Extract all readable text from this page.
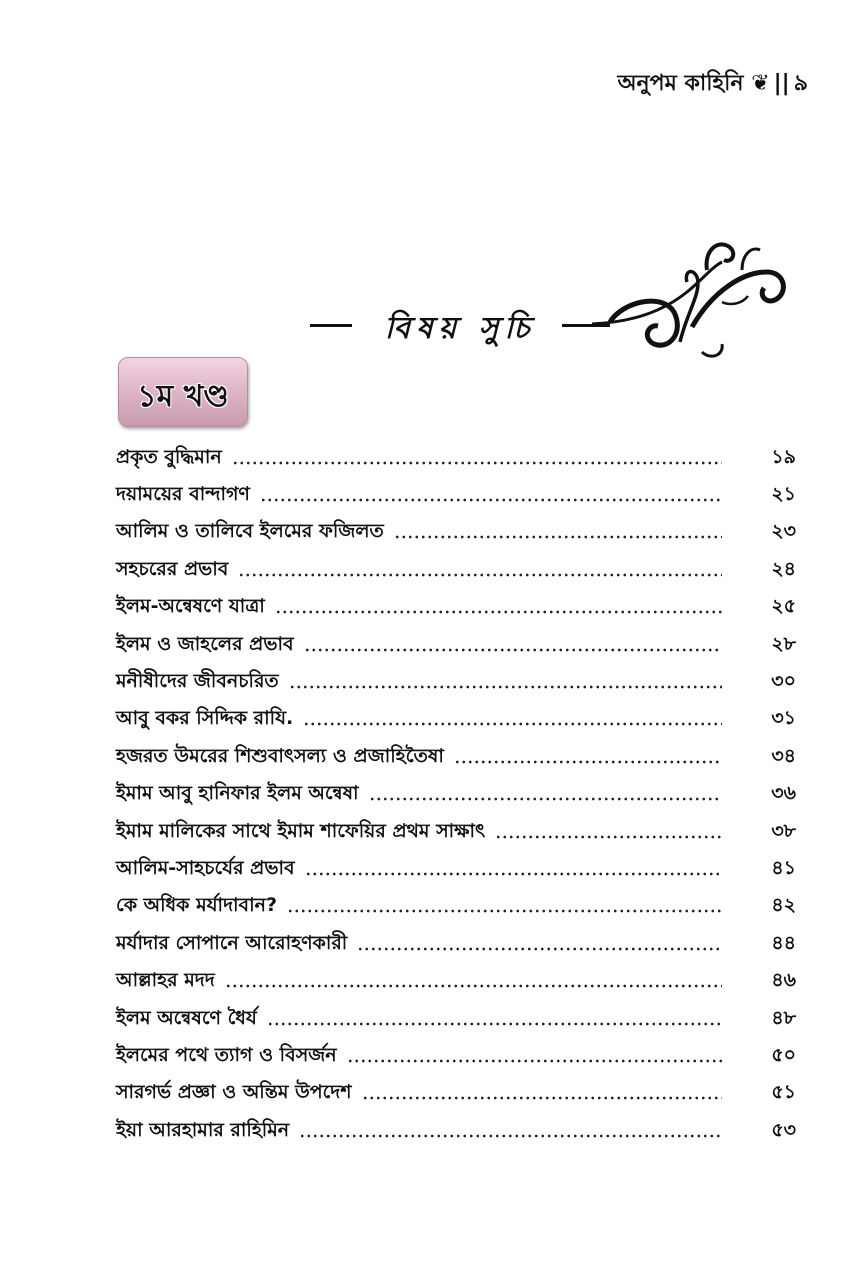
অনুপম কাহিনি ❦ || ৯
বিষয় সুচি
১ম খণ্ড
প্রকৃত বুদ্ধিমান	১৯
দয়াময়ের বান্দাগণ	২১
আলিম ও তালিবে ইলমের ফজিলত	২৩
সহচরের প্রভাব	২৪
ইলম-অন্বেষণে যাত্রা	২৫
ইলম ও জাহলের প্রভাব	২৮
মনীষীদের জীবনচরিত	৩০
আবু বকর সিদ্দিক রাযি.	৩১
হজরত উমরের শিশুবাৎসল্য ও প্রজাহিতৈষা	৩৪
ইমাম আবু হানিফার ইলম অন্বেষা	৩৬
ইমাম মালিকের সাথে ইমাম শাফেয়ির প্রথম সাক্ষাৎ	৩৮
আলিম-সাহচর্যের প্রভাব	৪১
কে অধিক মর্যাদাবান?	৪২
মর্যাদার সোপানে আরোহণকারী	৪৪
আল্লাহর মদদ	৪৬
ইলম অন্বেষণে ধৈর্য	৪৮
ইলমের পথে ত্যাগ ও বিসর্জন	৫০
সারগর্ভ প্রজ্ঞা ও অন্তিম উপদেশ	৫১
ইয়া আরহামার রাহিমিন	৫৩
